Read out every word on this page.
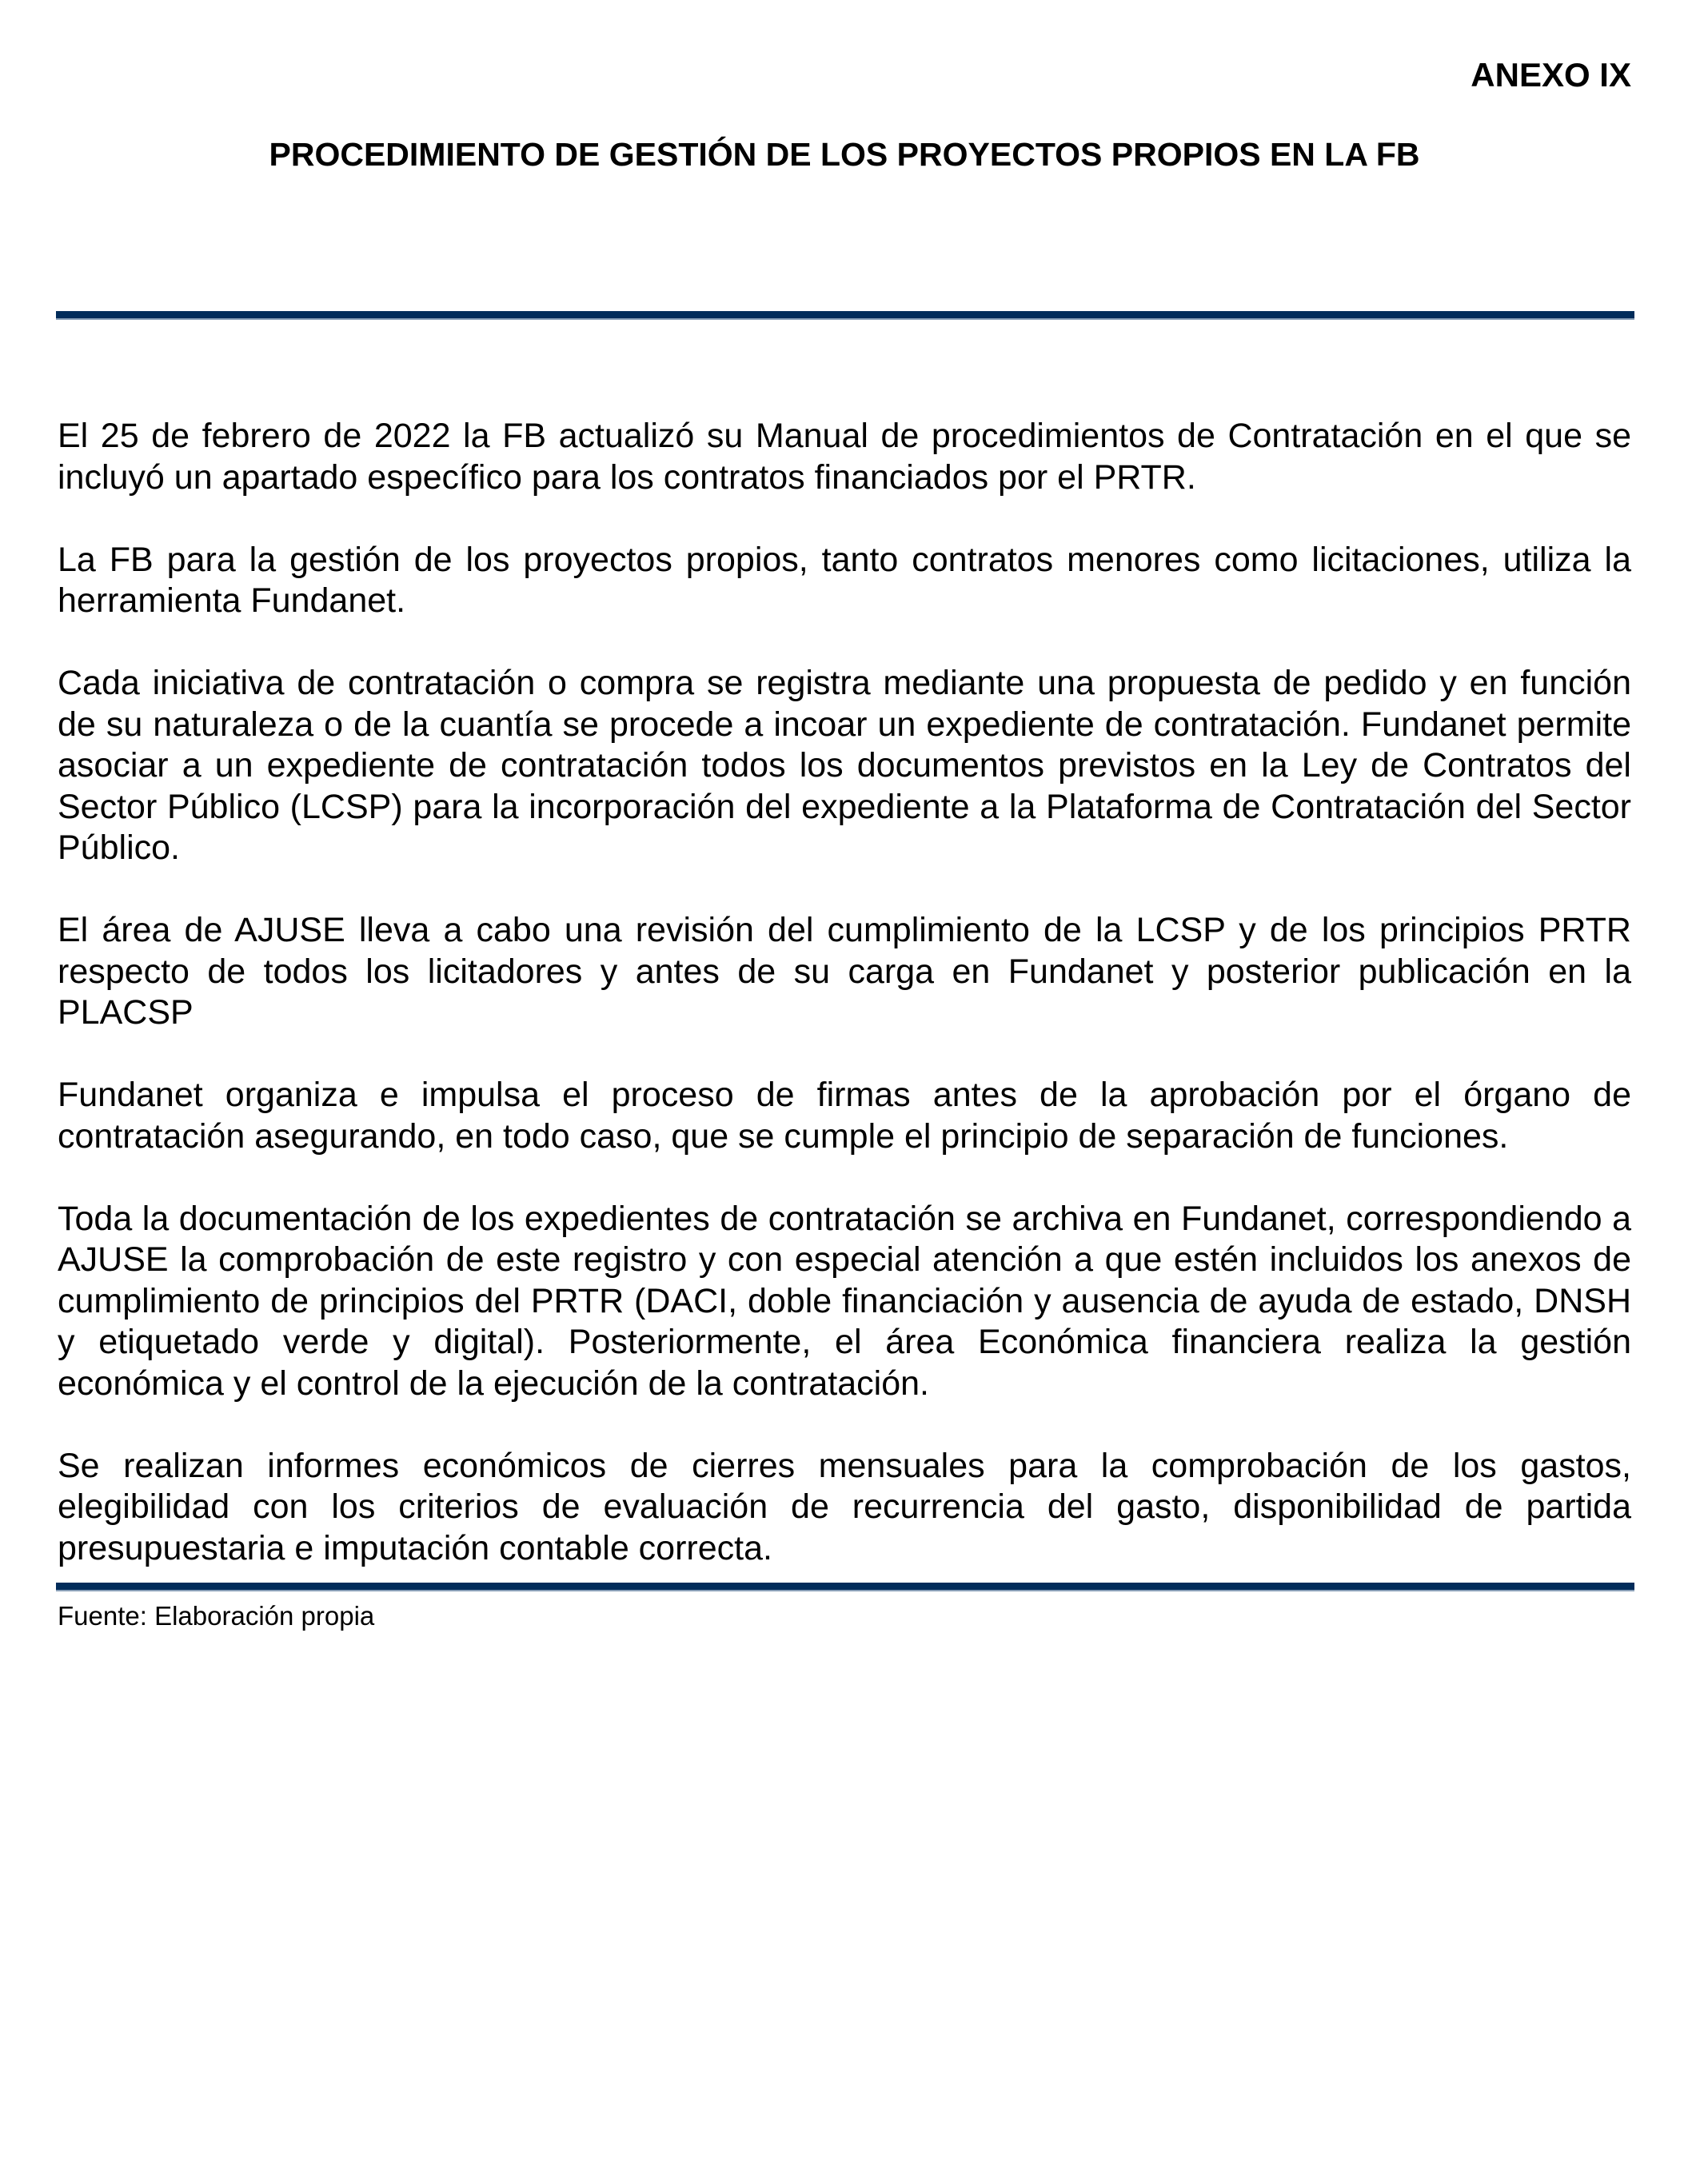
ANEXO IX
PROCEDIMIENTO DE GESTIÓN DE LOS PROYECTOS PROPIOS EN LA FB

El 25 de febrero de 2022 la FB actualizó su Manual de procedimientos de Contratación en el que se incluyó un apartado específico para los contratos financiados por el PRTR.

La FB para la gestión de los proyectos propios, tanto contratos menores como licitaciones, utiliza la herramienta Fundanet.

Cada iniciativa de contratación o compra se registra mediante una propuesta de pedido y en función de su naturaleza o de la cuantía se procede a incoar un expediente de contratación. Fundanet permite asociar a un expediente de contratación todos los documentos previstos en la Ley de Contratos del Sector Público (LCSP) para la incorporación del expediente a la Plataforma de Contratación del Sector Público.

El área de AJUSE lleva a cabo una revisión del cumplimiento de la LCSP y de los principios PRTR respecto de todos los licitadores y antes de su carga en Fundanet y posterior publicación en la PLACSP

Fundanet organiza e impulsa el proceso de firmas antes de la aprobación por el órgano de contratación asegurando, en todo caso, que se cumple el principio de separación de funciones.

Toda la documentación de los expedientes de contratación se archiva en Fundanet, correspondiendo a AJUSE la comprobación de este registro y con especial atención a que estén incluidos los anexos de cumplimiento de principios del PRTR (DACI, doble financiación y ausencia de ayuda de estado, DNSH y etiquetado verde y digital). Posteriormente, el área Económica financiera realiza la gestión económica y el control de la ejecución de la contratación.

Se realizan informes económicos de cierres mensuales para la comprobación de los gastos, elegibilidad con los criterios de evaluación de recurrencia del gasto, disponibilidad de partida presupuestaria e imputación contable correcta.

Fuente: Elaboración propia
